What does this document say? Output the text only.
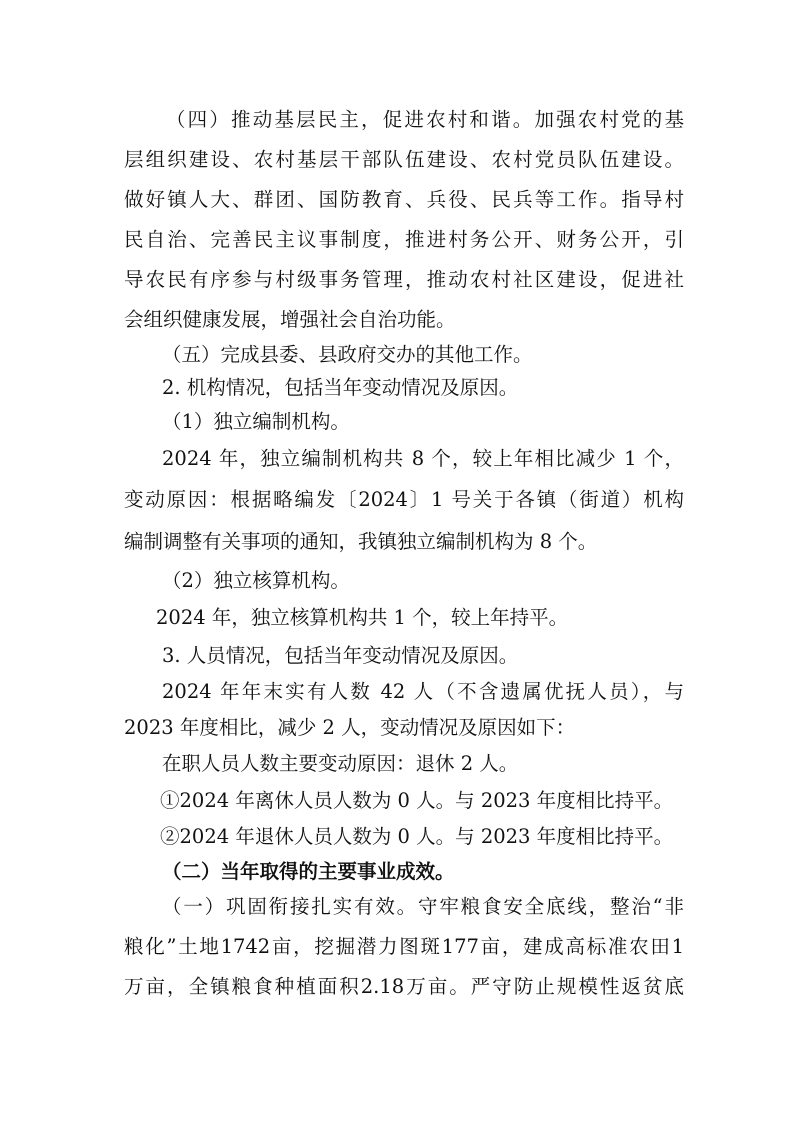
（四）推动基层民主，促进农村和谐。加强农村党的基
层组织建设、农村基层干部队伍建设、农村党员队伍建设。
做好镇人大、群团、国防教育、兵役、民兵等工作。指导村
民自治、完善民主议事制度，推进村务公开、财务公开，引
导农民有序参与村级事务管理，推动农村社区建设，促进社
会组织健康发展，增强社会自治功能。
（五）完成县委、县政府交办的其他工作。
2. 机构情况，包括当年变动情况及原因。
（1）独立编制机构。
2024 年，独立编制机构共 8 个，较上年相比减少 1 个，
变动原因：根据略编发〔2024〕1 号关于各镇（街道）机构
编制调整有关事项的通知，我镇独立编制机构为 8 个。
（2）独立核算机构。
2024 年，独立核算机构共 1 个，较上年持平。
3. 人员情况，包括当年变动情况及原因。
2024 年年末实有人数 42 人（不含遗属优抚人员），与
2023 年度相比，减少 2 人，变动情况及原因如下：
在职人员人数主要变动原因：退休 2 人。
①2024 年离休人员人数为 0 人。与 2023 年度相比持平。
②2024 年退休人员人数为 0 人。与 2023 年度相比持平。
（二）当年取得的主要事业成效。
（一）巩固衔接扎实有效。守牢粮食安全底线，整治“非
粮化”土地1742亩，挖掘潜力图斑177亩，建成高标准农田1
万亩，全镇粮食种植面积2.18万亩。严守防止规模性返贫底
